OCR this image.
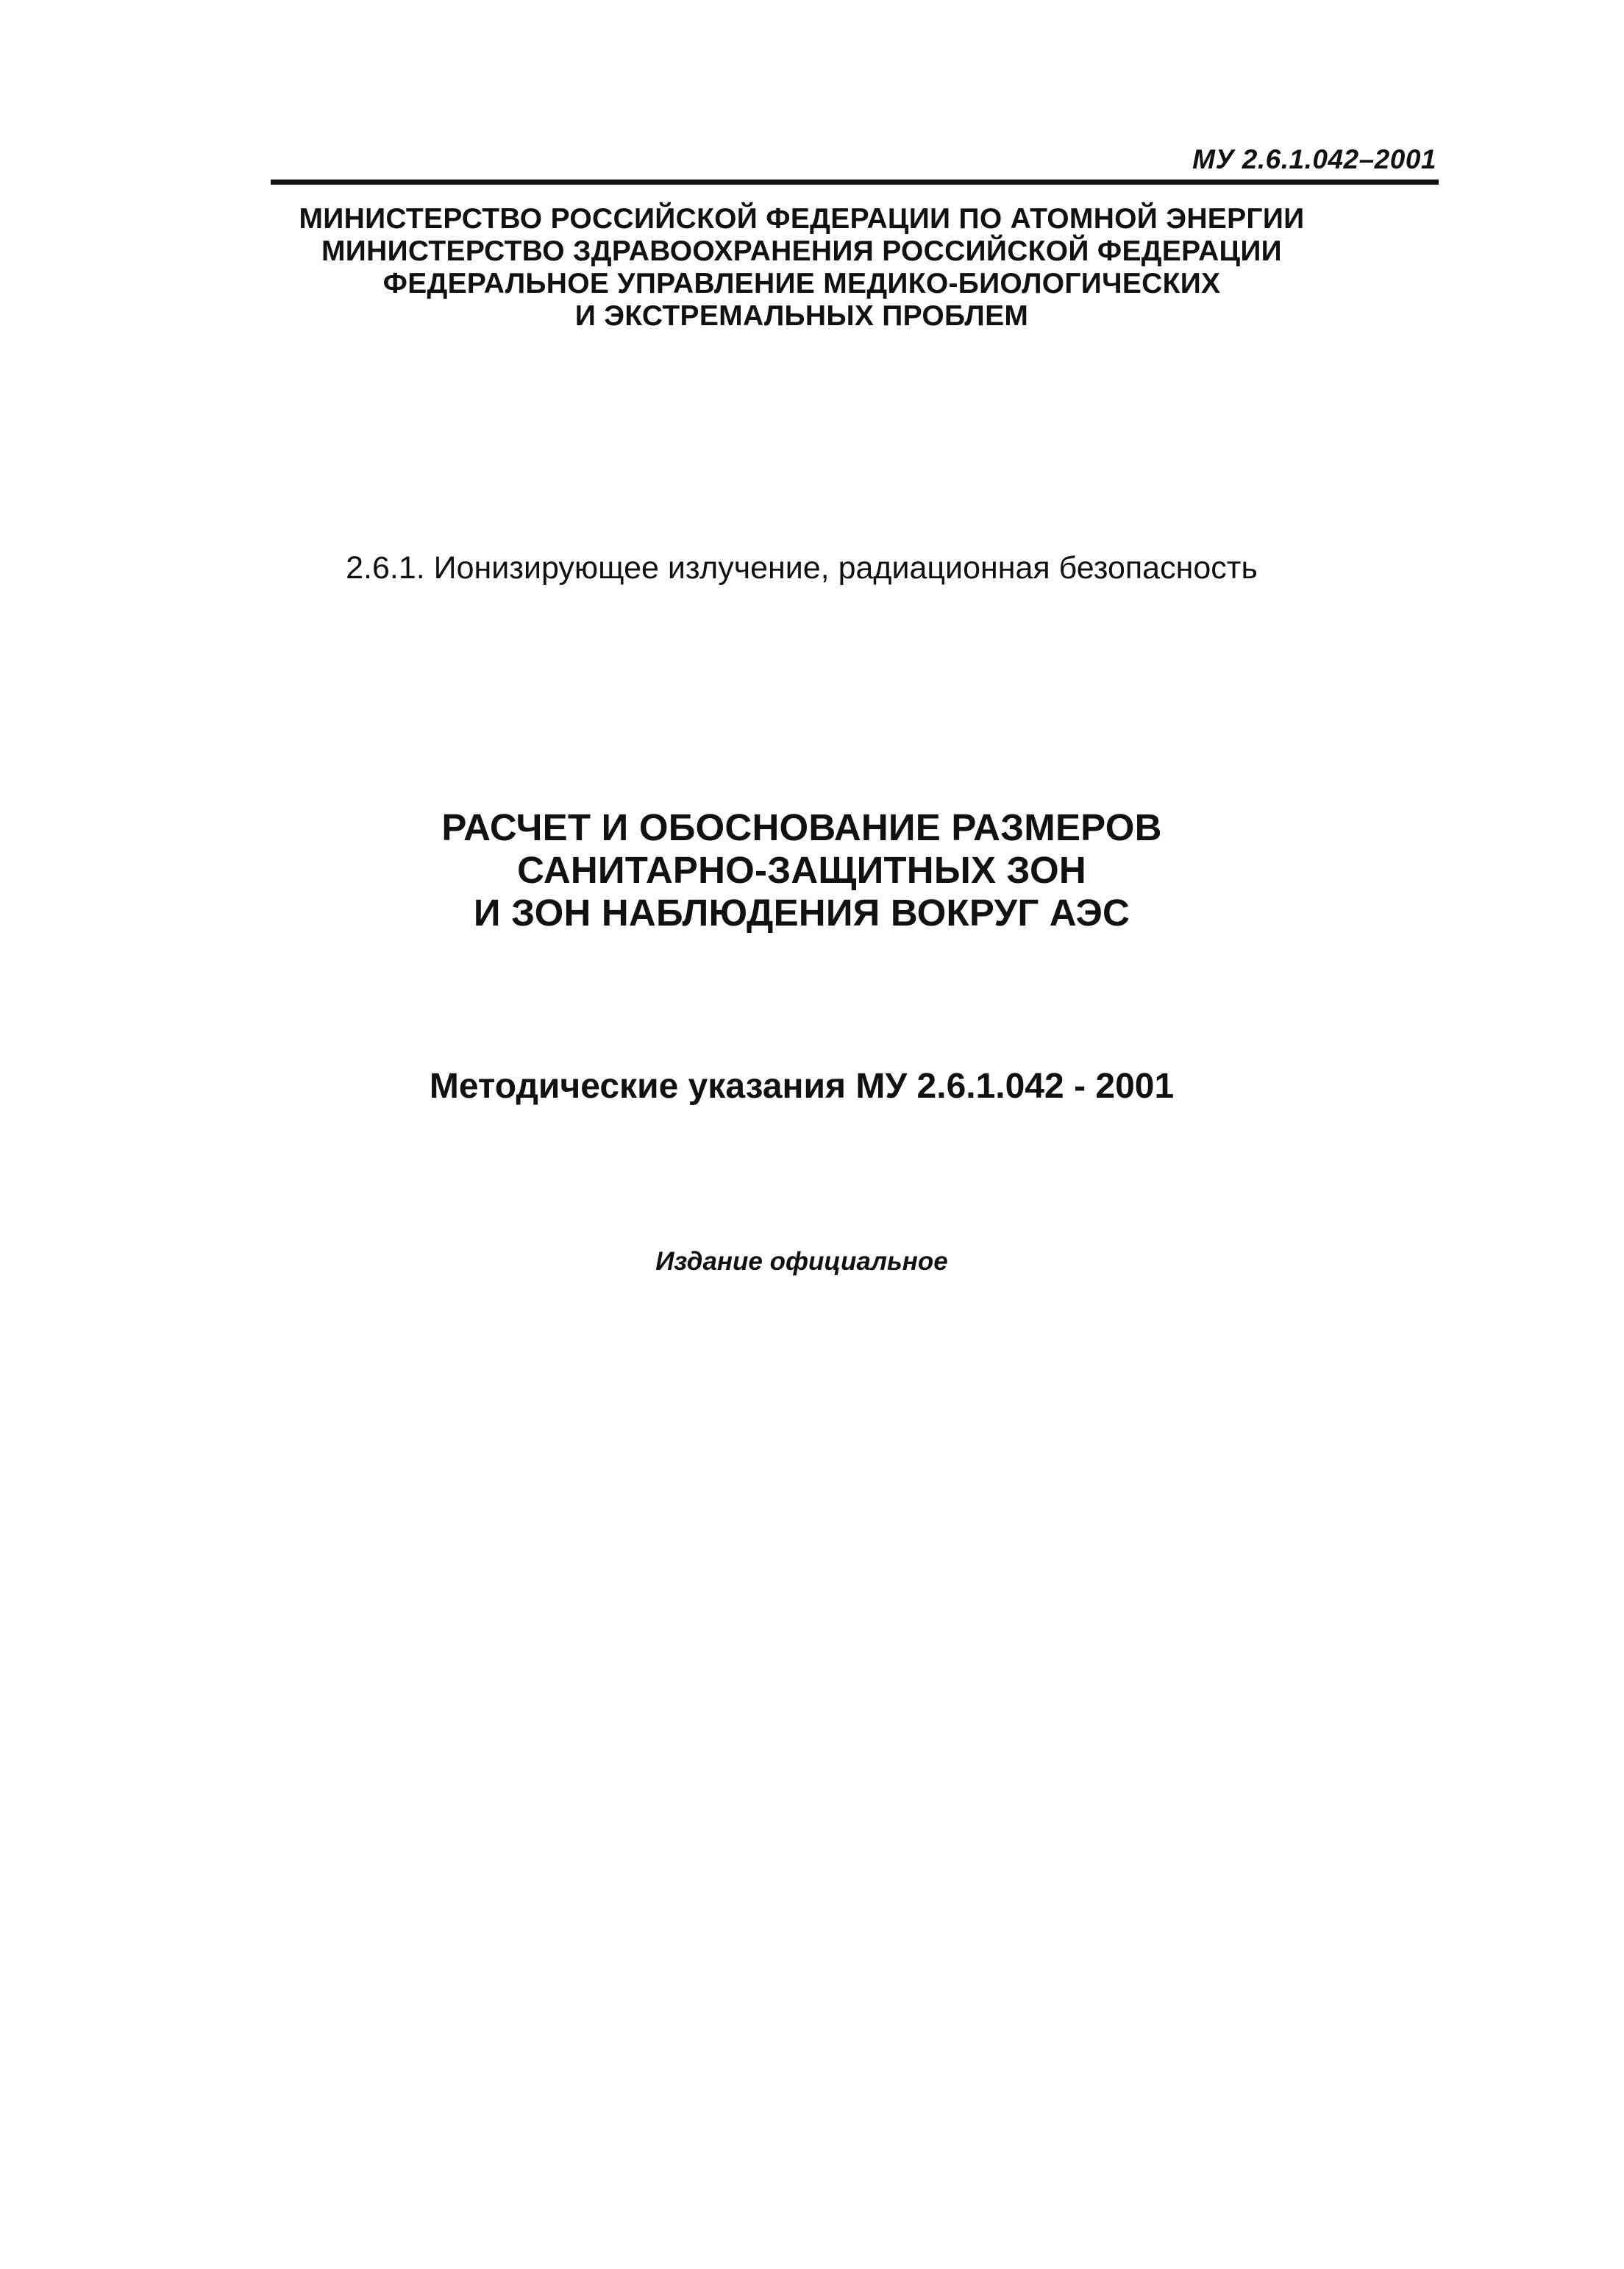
МУ 2.6.1.042–2001
МИНИСТЕРСТВО РОССИЙСКОЙ ФЕДЕРАЦИИ ПО АТОМНОЙ ЭНЕРГИИ
МИНИСТЕРСТВО ЗДРАВООХРАНЕНИЯ РОССИЙСКОЙ ФЕДЕРАЦИИ
ФЕДЕРАЛЬНОЕ УПРАВЛЕНИЕ МЕДИКО-БИОЛОГИЧЕСКИХ
И ЭКСТРЕМАЛЬНЫХ ПРОБЛЕМ
2.6.1. Ионизирующее излучение, радиационная безопасность
РАСЧЕТ И ОБОСНОВАНИЕ РАЗМЕРОВ
САНИТАРНО-ЗАЩИТНЫХ ЗОН
И ЗОН НАБЛЮДЕНИЯ ВОКРУГ АЭС
Методические указания МУ 2.6.1.042 - 2001
Издание официальное
